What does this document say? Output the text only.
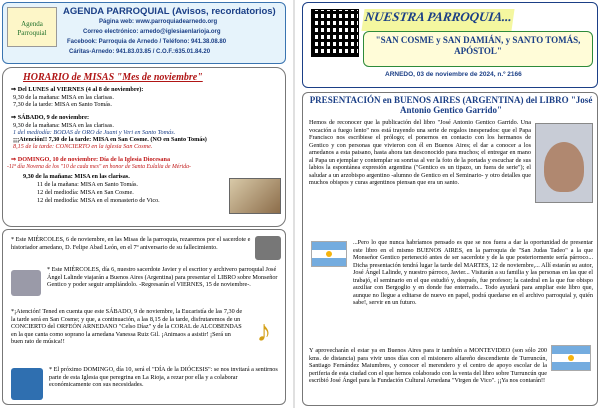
Agenda Parroquial
AGENDA PARROQUIAL (Avisos, recordatorios)
Página web: www.parroquiadearnedo.org
Correo electrónico: arnedo@iglesiaenlarioja.org
Facebook: Parroquia de Arnedo / Teléfono: 941.38.08.80
Cáritas-Arnedo: 941.83.03.85 / C.O.F.:635.01.84.20
HORARIO de MISAS "Mes de noviembre"
⇒ Del LUNES al VIERNES (4 al 8 de noviembre):
9,30 de la mañana: MISA en las clarisas.
7,30 de la tarde: MISA en Santo Tomás.
⇒ SÁBADO, 9 de noviembre:
9,30 de la mañana: MISA en las clarisas.
1 del mediodía: BODAS de ORO de Juani y Veri en Santo Tomás.
¡¡¡Atención!! 7,30 de la tarde: MISA en San Cosme. (NO en Santo Tomás)
8,15 de la tarde: CONCIERTO en la iglesia San Cosme.
⇒ DOMINGO, 10 de noviembre: Día de la Iglesia Diocesana
-11ª día Novena de los "10 de cada mes" en honor de Santa Eulalia de Mérida-
9,30 de la mañana: MISA en las clarisas.
11 de la mañana: MISA en Santo Tomás.
12 del mediodía: MISA en San Cosme.
12 del mediodía: MISA en el monasterio de Vico.
* Este MIÉRCOLES, 6 de noviembre, en las Misas de la parroquia, rezaremos por el sacerdote e historiador arnedano, D. Felipe Abad León, en el 7º aniversario de su fallecimiento.
* Este MIÉRCOLES, día 6, nuestro sacerdote Javier y el escritor y archivero parroquial José Ángel Lalinde viajarán a Buenos Aires (Argentina) para presentar el LIBRO sobre Monseñor Gentico y poder seguir ampliándolo. -Regresarán el VIERNES, 15 de noviembre-.
*¡Atención! Tened en cuenta que este SÁBADO, 9 de noviembre, la Eucaristía de las 7,30 de la tarde será en San Cosme; y que, a continuación, a las 8,15 de la tarde, disfrutaremos de un CONCIERTO del ORFEÓN ARNEDANO "Celso Díaz" y de la CORAL de ALCOBENDAS en la que canta como soprano la arnedana Vanessa Ruiz Gil. ¡Animaos a asistir! ¡Será un buen rato de música!!	♪
* El próximo DOMINGO, día 10, será el "DÍA de la DIÓCESIS": se nos invitará a sentirnos parte de esta Iglesia que peregrina en La Rioja, a rezar por ella y a colaborar económicamente con sus necesidades.
NUESTRA PARROQUIA...
"SAN COSME y SAN DAMIÁN, y SANTO TOMÁS, APÓSTOL"
ARNEDO, 03 de noviembre de 2024, n.º 2166
PRESENTACIÓN en BUENOS AIRES (ARGENTINA) del LIBRO "José Antonio Gentico Garrido"
Hemos de reconocer que la publicación del libro "José Antonio Gentico Garrido. Una vocación a fuego lento" nos está trayendo una serie de regalos inesperados: que el Papa Francisco nos escribiese el prólogo; el ponernos en contacto con los hermanos de Gentico y con personas que vivieron con él en Buenos Aires; el dar a conocer a los arnedanos a esta paisano, hasta ahora tan desconocido para muchos; el entregar en mano al Papa un ejemplar y contemplar su sonrisa al ver la foto de la portada y escuchar de sus labios la espontánea expresión argentina ("Gentico es un tipazo, un fuera de serie"); el saludar a un arzobispo argentino -alumno de Gentico en el Seminario- y otro detalles que muchos obispos y curas argentinos piensan que era un santo.
...Pero lo que nunca habríamos pensado es que se nos fuera a dar la oportunidad de presentar este libro en el mismo BUENOS AIRES, en la parroquia de "San Judas Tadeo" a la que Monseñor Gentico perteneció antes de ser sacerdote y de la que posteriormente sería párroco... Dicha presentación tendrá lugar la tarde del MARTES, 12 de noviembre,... Allí estarán su autor, José Ángel Lalinde, y nuestro párroco, Javier... Visitarán a su familia y las personas en las que el trabajó, el seminario en el que estudió y, después, fue profesor; la catedral en la que fue obispo auxiliar con Bergoglio y en donde fue enterrado... Todo ayudará para ampliar este libro que, aunque no llegue a editarse de nuevo en papel, podrá quedarse en el archivo parroquial y, quién sabe!, servir en un futuro.
Y aprovecharán el estar ya en Buenos Aires para ir también a MONTEVIDEO (son sólo 200 kms. de distancia) para vivir unos días con el misionero alfareño descendiente de Turruncún, Santiago Fernández Maiumbres, y conocer el merendero y el centro de apoyo escolar de la periferia de esta ciudad con el que hemos colaborado con la venta del libro sobre Turruncún que escribió José Ángel para la Fundación Cultural Arnedana "Virgen de Vico". ¡¡Ya nos contarán!!
